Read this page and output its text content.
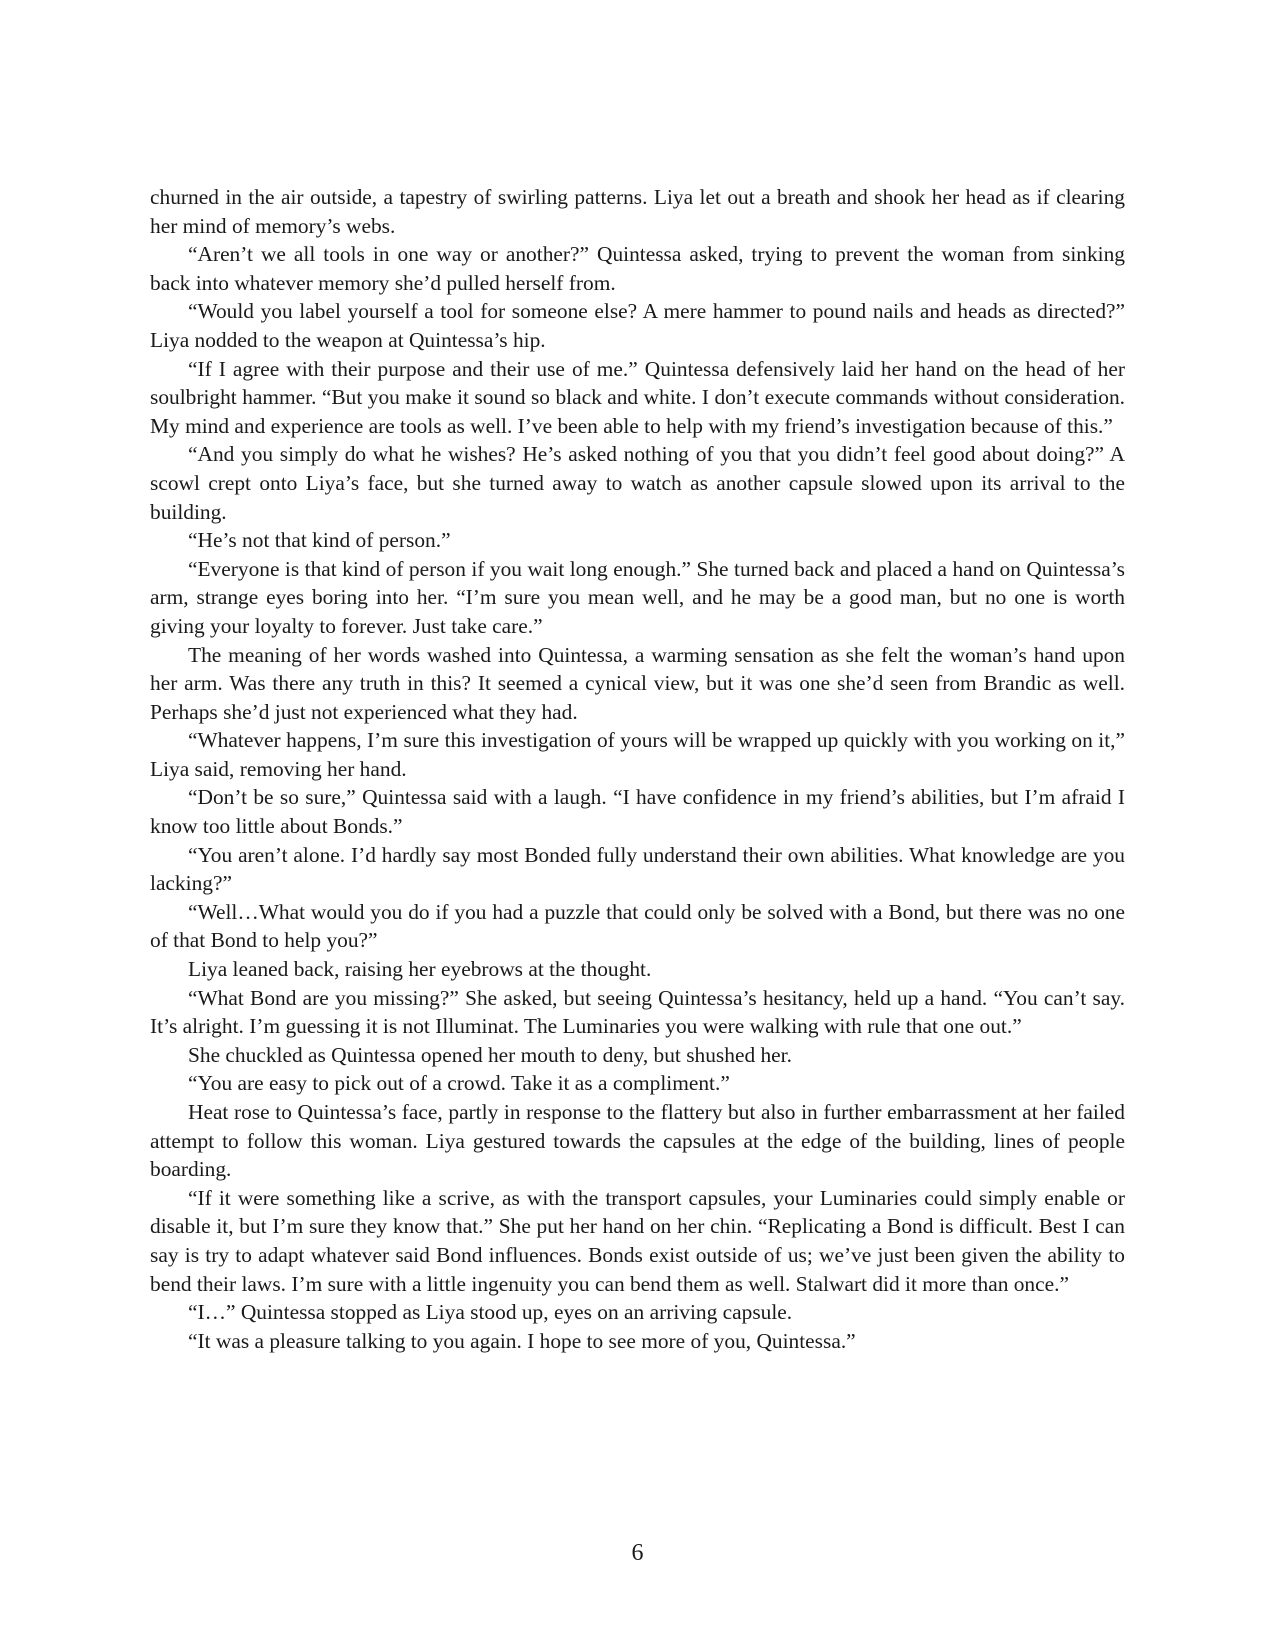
churned in the air outside, a tapestry of swirling patterns. Liya let out a breath and shook her head as if clearing her mind of memory’s webs.

“Aren’t we all tools in one way or another?” Quintessa asked, trying to prevent the woman from sinking back into whatever memory she’d pulled herself from.

“Would you label yourself a tool for someone else? A mere hammer to pound nails and heads as directed?” Liya nodded to the weapon at Quintessa’s hip.

“If I agree with their purpose and their use of me.” Quintessa defensively laid her hand on the head of her soulbright hammer. “But you make it sound so black and white. I don’t execute commands without consideration. My mind and experience are tools as well. I’ve been able to help with my friend’s investigation because of this.”

“And you simply do what he wishes? He’s asked nothing of you that you didn’t feel good about doing?” A scowl crept onto Liya’s face, but she turned away to watch as another capsule slowed upon its arrival to the building.

“He’s not that kind of person.”

“Everyone is that kind of person if you wait long enough.” She turned back and placed a hand on Quintessa’s arm, strange eyes boring into her. “I’m sure you mean well, and he may be a good man, but no one is worth giving your loyalty to forever. Just take care.”

The meaning of her words washed into Quintessa, a warming sensation as she felt the woman’s hand upon her arm. Was there any truth in this? It seemed a cynical view, but it was one she’d seen from Brandic as well. Perhaps she’d just not experienced what they had.

“Whatever happens, I’m sure this investigation of yours will be wrapped up quickly with you working on it,” Liya said, removing her hand.

“Don’t be so sure,” Quintessa said with a laugh. “I have confidence in my friend’s abilities, but I’m afraid I know too little about Bonds.”

“You aren’t alone. I’d hardly say most Bonded fully understand their own abilities. What knowledge are you lacking?”

“Well…What would you do if you had a puzzle that could only be solved with a Bond, but there was no one of that Bond to help you?”

Liya leaned back, raising her eyebrows at the thought.

“What Bond are you missing?” She asked, but seeing Quintessa’s hesitancy, held up a hand. “You can’t say. It’s alright. I’m guessing it is not Illuminat. The Luminaries you were walking with rule that one out.”

She chuckled as Quintessa opened her mouth to deny, but shushed her.

“You are easy to pick out of a crowd. Take it as a compliment.”

Heat rose to Quintessa’s face, partly in response to the flattery but also in further embarrassment at her failed attempt to follow this woman. Liya gestured towards the capsules at the edge of the building, lines of people boarding.

“If it were something like a scrive, as with the transport capsules, your Luminaries could simply enable or disable it, but I’m sure they know that.” She put her hand on her chin. “Replicating a Bond is difficult. Best I can say is try to adapt whatever said Bond influences. Bonds exist outside of us; we’ve just been given the ability to bend their laws. I’m sure with a little ingenuity you can bend them as well. Stalwart did it more than once.”

“I…” Quintessa stopped as Liya stood up, eyes on an arriving capsule.

“It was a pleasure talking to you again. I hope to see more of you, Quintessa.”

6
